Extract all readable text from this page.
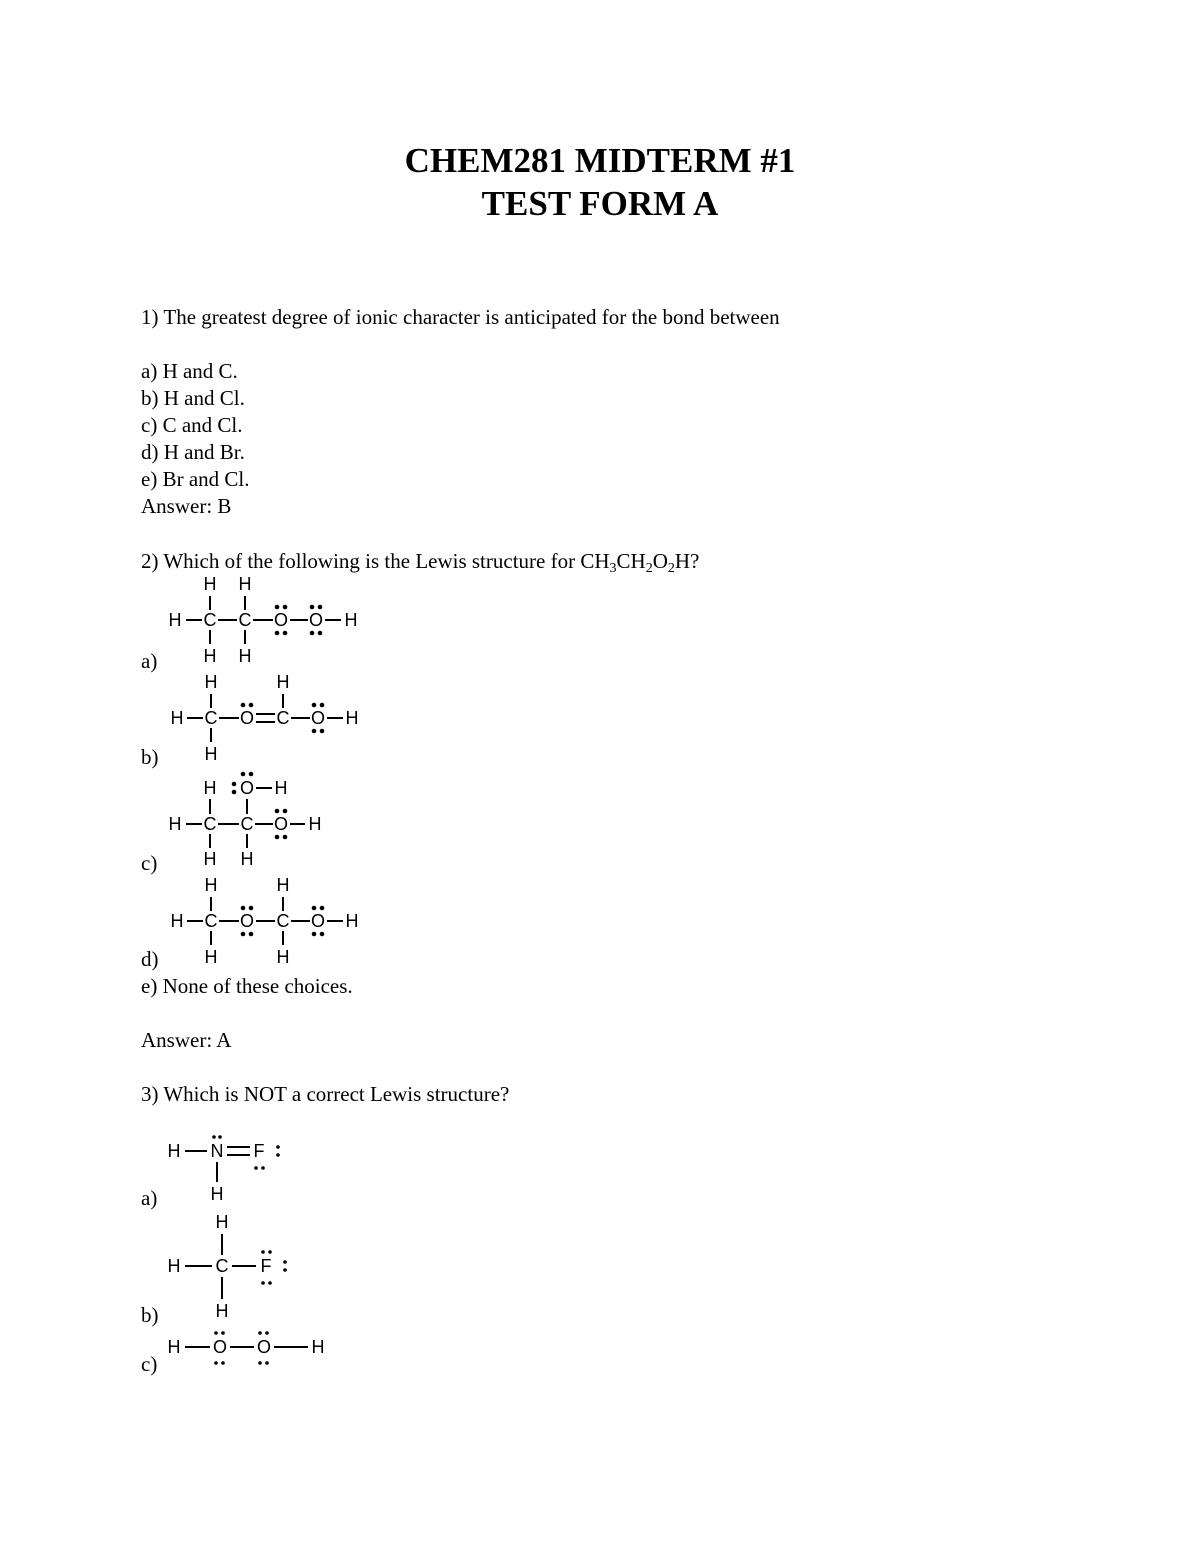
CHEM281 MIDTERM #1
TEST FORM A
1) The greatest degree of ionic character is anticipated for the bond between
a) H and C.
b) H and Cl.
c) C and Cl.
d) H and Br.
e) Br and Cl.
Answer: B
2) Which of the following is the Lewis structure for $CH_3CH_2O_2H$?
H H
H C C O O H
H H
a)
H	H
H C O C O H
H
b)
H O H
H C C O H
H H
c)
H	H
H C O C O H
H	H
d)
e) None of these choices.
Answer: A
3) Which is NOT a correct Lewis structure?
H N F
H
a)
H
H C F
H
b)
H O O H
c)
